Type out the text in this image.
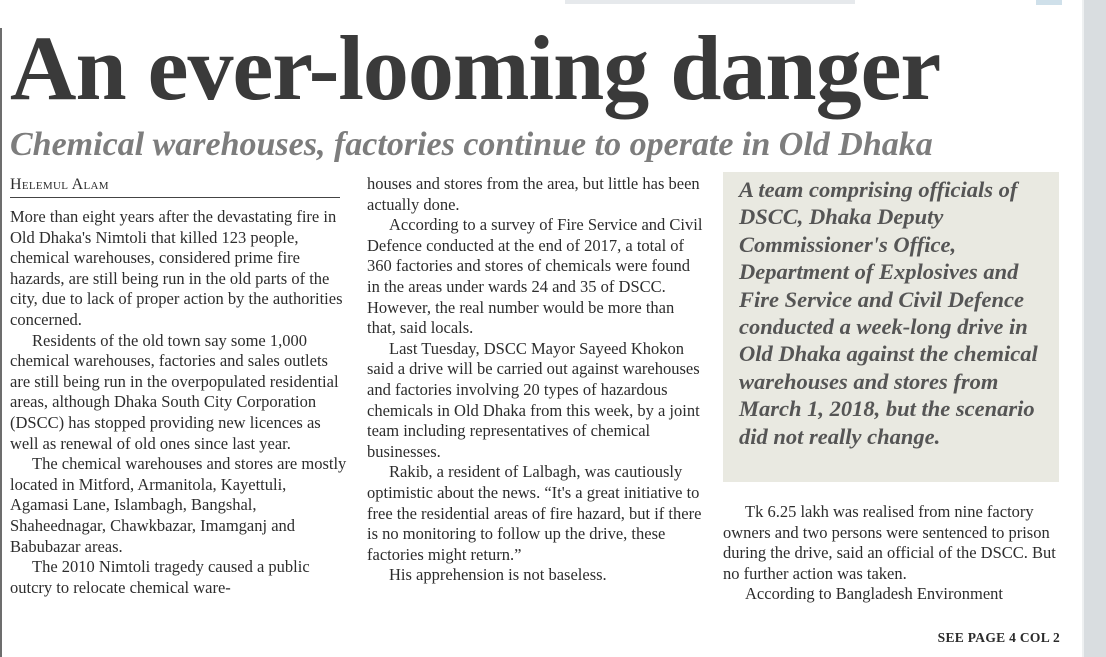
An ever-looming danger
Chemical warehouses, factories continue to operate in Old Dhaka
Helemul Alam

More than eight years after the devastating fire in Old Dhaka's Nimtoli that killed 123 people, chemical warehouses, considered prime fire hazards, are still being run in the old parts of the city, due to lack of proper action by the authorities concerned.

Residents of the old town say some 1,000 chemical warehouses, factories and sales outlets are still being run in the overpopulated residential areas, although Dhaka South City Corporation (DSCC) has stopped providing new licences as well as renewal of old ones since last year.

The chemical warehouses and stores are mostly located in Mitford, Armanitola, Kayettuli, Agamasi Lane, Islambagh, Bangshal, Shaheednagar, Chawkbazar, Imamganj and Babubazar areas.

The 2010 Nimtoli tragedy caused a public outcry to relocate chemical ware-

houses and stores from the area, but little has been actually done.

According to a survey of Fire Service and Civil Defence conducted at the end of 2017, a total of 360 factories and stores of chemicals were found in the areas under wards 24 and 35 of DSCC. However, the real number would be more than that, said locals.

Last Tuesday, DSCC Mayor Sayeed Khokon said a drive will be carried out against warehouses and factories involving 20 types of hazardous chemicals in Old Dhaka from this week, by a joint team including representatives of chemical businesses.

Rakib, a resident of Lalbagh, was cautiously optimistic about the news. “It's a great initiative to free the residential areas of fire hazard, but if there is no monitoring to follow up the drive, these factories might return.”

His apprehension is not baseless.

A team comprising officials of DSCC, Dhaka Deputy Commissioner's Office, Department of Explosives and Fire Service and Civil Defence conducted a week-long drive in Old Dhaka against the chemical warehouses and stores from March 1, 2018, but the scenario did not really change.

Tk 6.25 lakh was realised from nine factory owners and two persons were sentenced to prison during the drive, said an official of the DSCC. But no further action was taken.

According to Bangladesh Environment

SEE PAGE 4 COL 2
